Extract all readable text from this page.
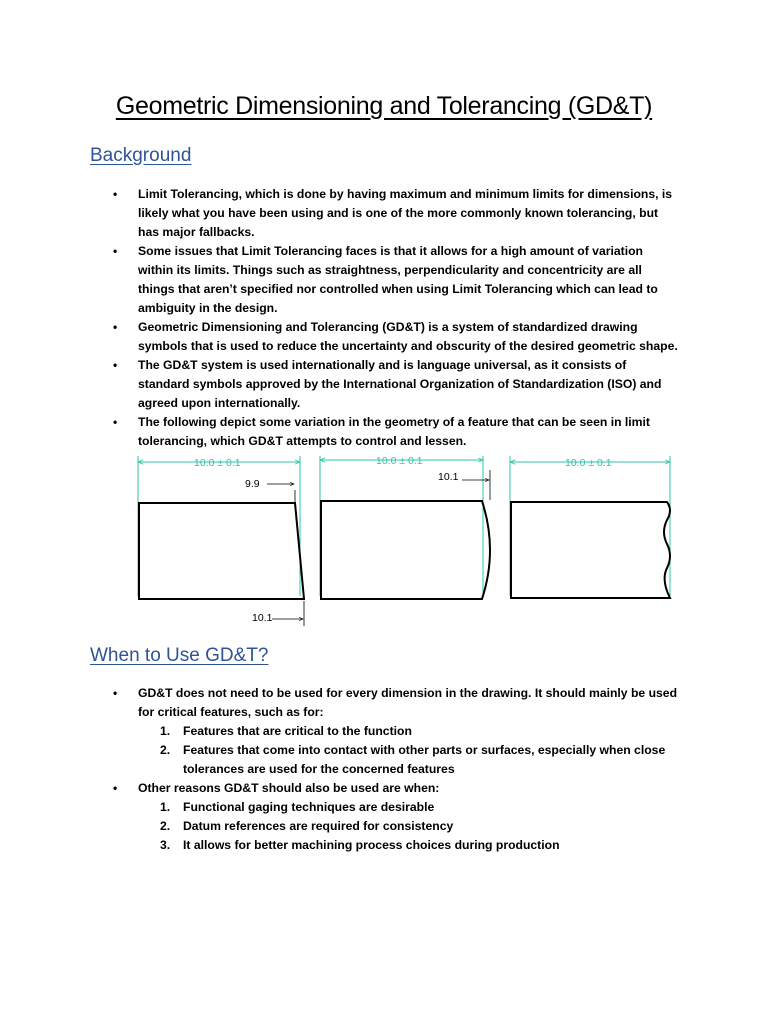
Geometric Dimensioning and Tolerancing (GD&T)
Background
• Limit Tolerancing, which is done by having maximum and minimum limits for dimensions, is likely what you have been using and is one of the more commonly known tolerancing, but has major fallbacks.
• Some issues that Limit Tolerancing faces is that it allows for a high amount of variation within its limits. Things such as straightness, perpendicularity and concentricity are all things that aren’t specified nor controlled when using Limit Tolerancing which can lead to ambiguity in the design.
• Geometric Dimensioning and Tolerancing (GD&T) is a system of standardized drawing symbols that is used to reduce the uncertainty and obscurity of the desired geometric shape.
• The GD&T system is used internationally and is language universal, as it consists of standard symbols approved by the International Organization of Standardization (ISO) and agreed upon internationally.
• The following depict some variation in the geometry of a feature that can be seen in limit tolerancing, which GD&T attempts to control and lessen.
10.0 ± 0.1
9.9
10.1
10.0 ± 0.1
10.1
10.0 ± 0.1
When to Use GD&T?
• GD&T does not need to be used for every dimension in the drawing. It should mainly be used for critical features, such as for:
1. Features that are critical to the function
2. Features that come into contact with other parts or surfaces, especially when close tolerances are used for the concerned features
• Other reasons GD&T should also be used are when:
1. Functional gaging techniques are desirable
2. Datum references are required for consistency
3. It allows for better machining process choices during production
